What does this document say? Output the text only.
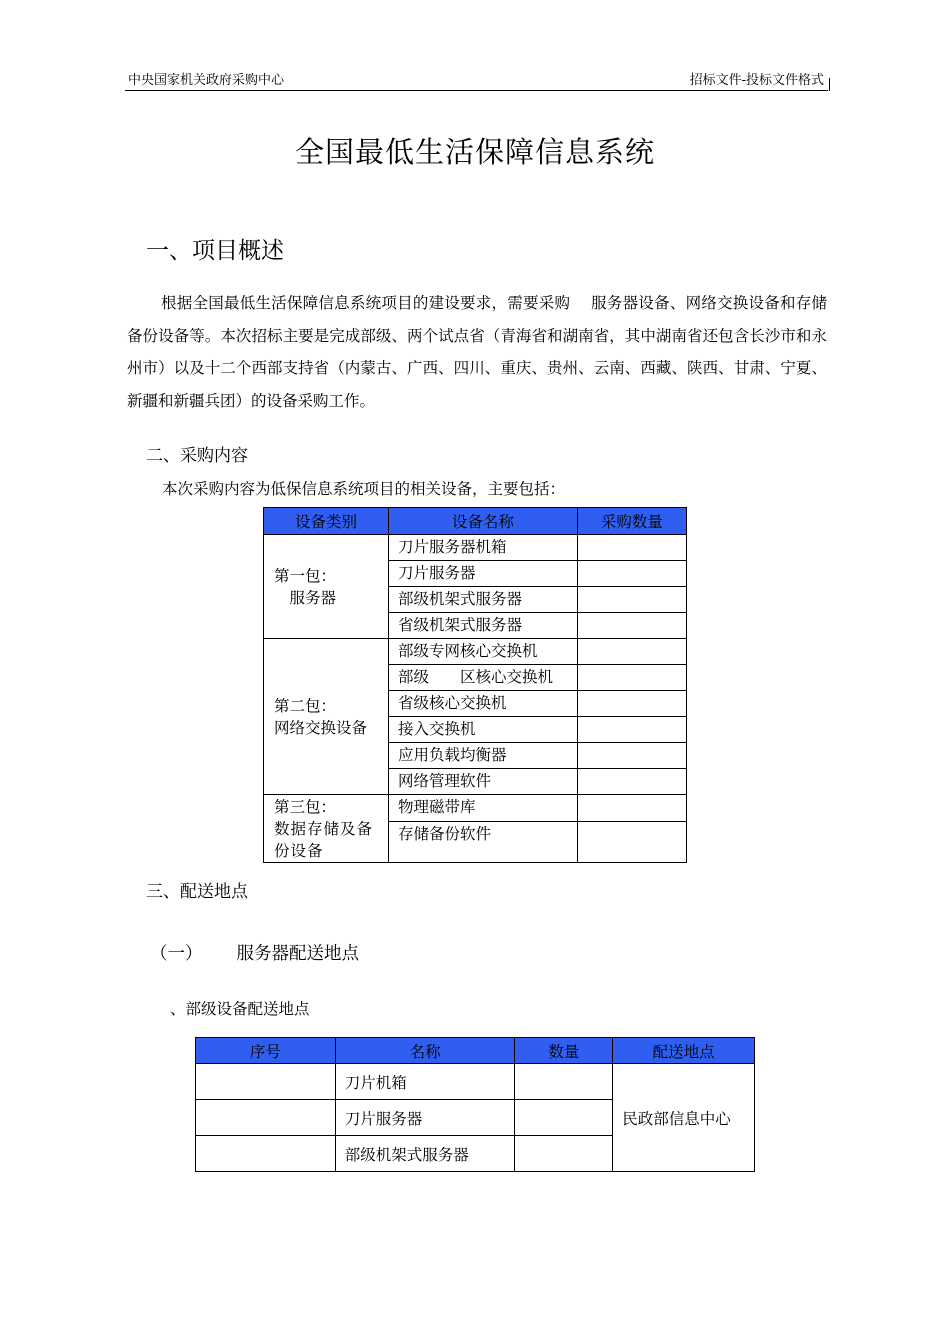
中央国家机关政府采购中心	招标文件-投标文件格式
全国最低生活保障信息系统
一、项目概述

根据全国最低生活保障信息系统项目的建设要求，需要采购　 服务器设备、网络交换设备和存储备份设备等。本次招标主要是完成部级、两个试点省（青海省和湖南省，其中湖南省还包含长沙市和永州市）以及十二个西部支持省（内蒙古、广西、四川、重庆、贵州、云南、西藏、陕西、甘肃、宁夏、新疆和新疆兵团）的设备采购工作。

二、采购内容
本次采购内容为低保信息系统项目的相关设备，主要包括：
设备类别	设备名称	采购数量

第一包：
　服务器	刀片服务器机箱	
	刀片服务器	
	部级机架式服务器	
	省级机架式服务器	

第二包：
网络交换设备	部级专网核心交换机	
	部级　　区核心交换机	
	省级核心交换机	
	接入交换机	
	应用负载均衡器	
	网络管理软件	

第三包：
数据存储及备份设备	物理磁带库	
	存储备份软件	
三、配送地点
（一） 服务器配送地点
、部级设备配送地点
序号	名称	数量	配送地点
	刀片机箱		民政部信息中心
	刀片服务器		
	部级机架式服务器		
